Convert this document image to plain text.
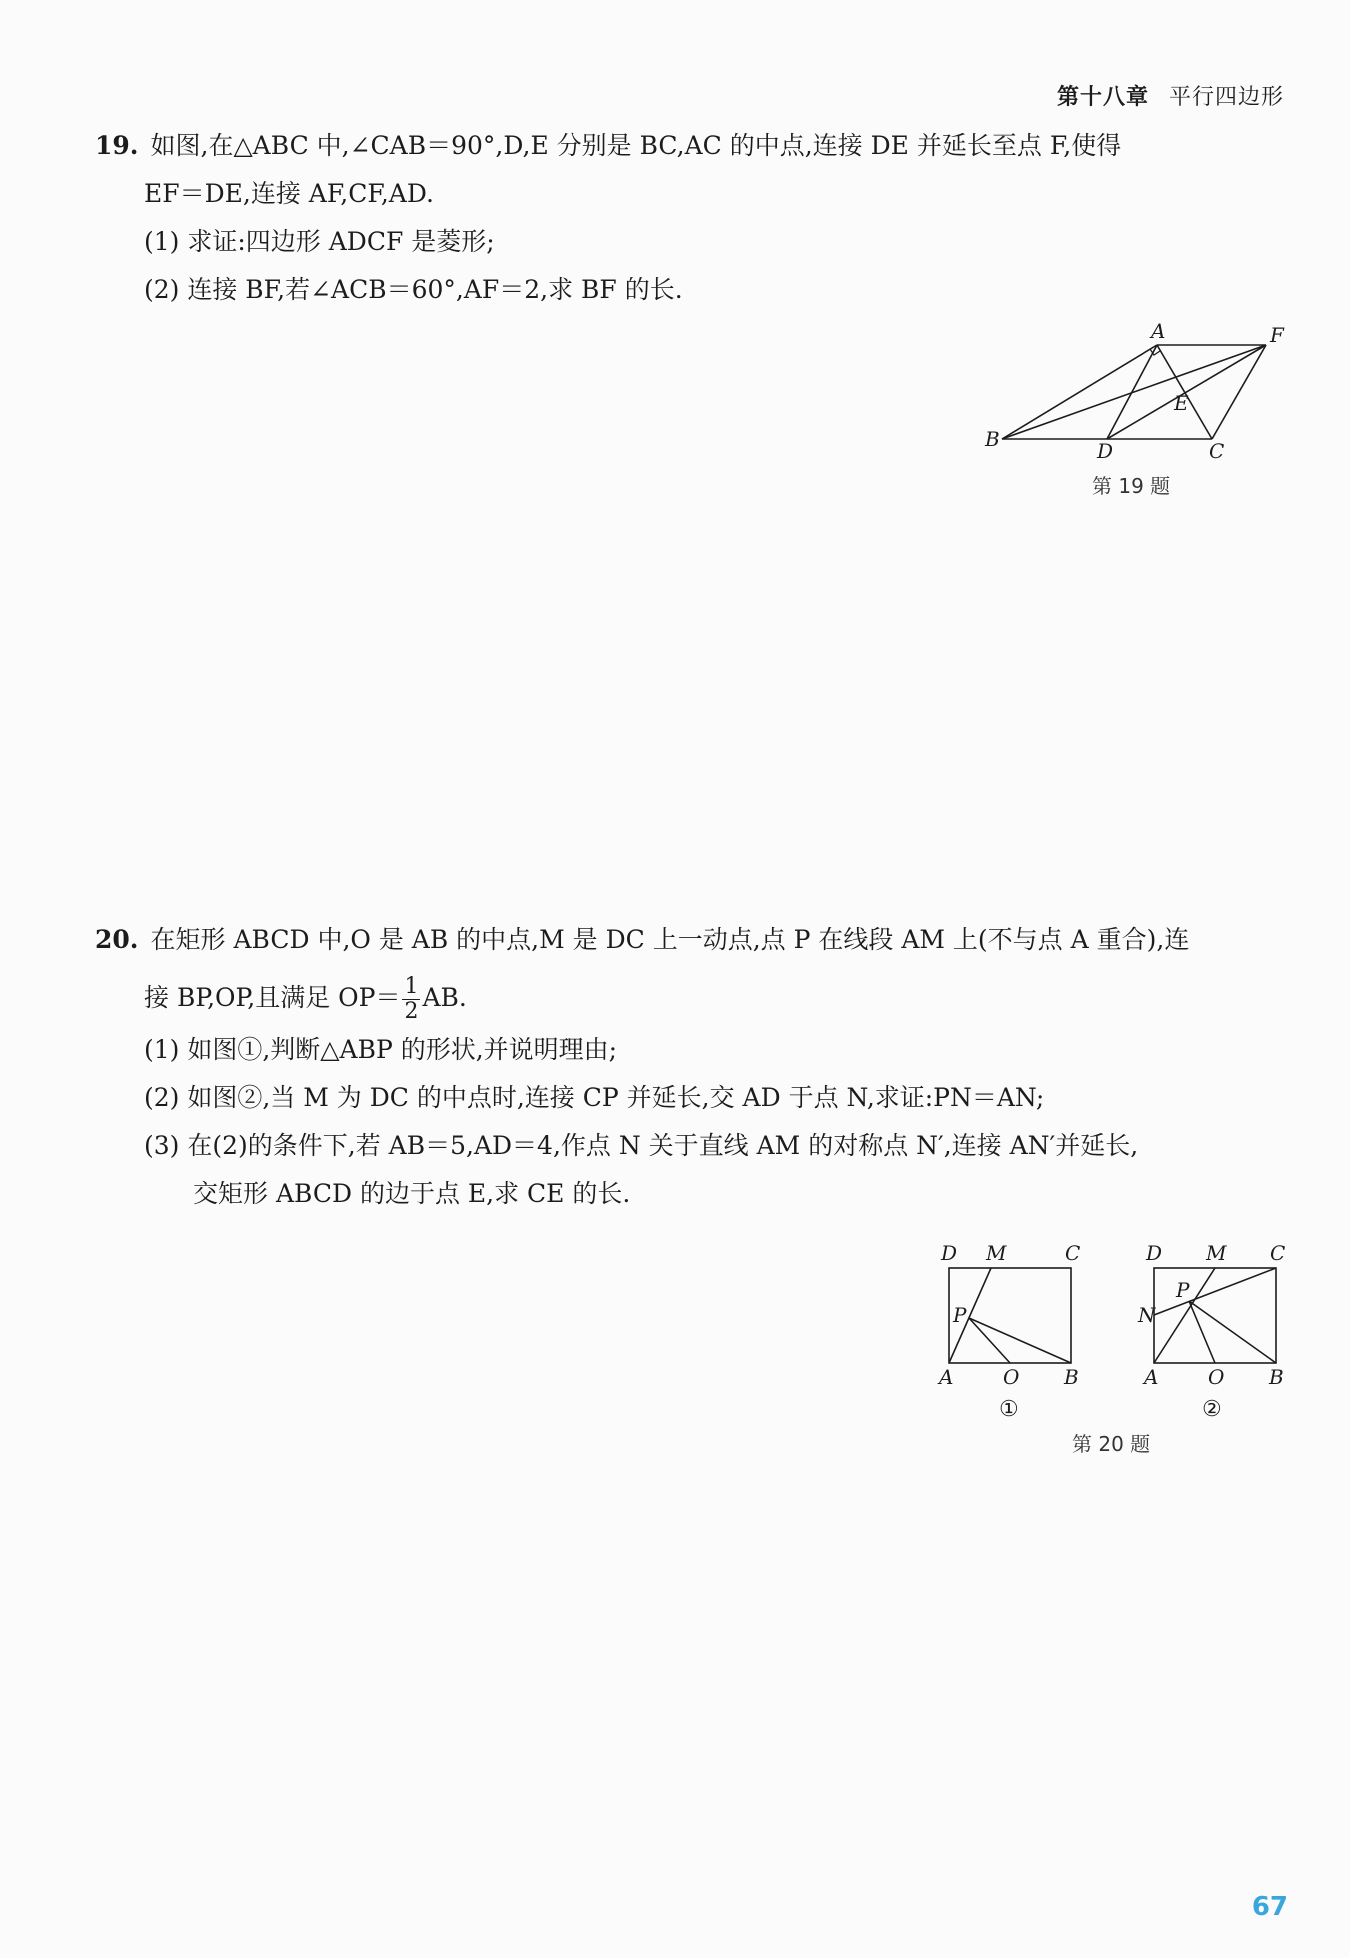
第十八章 平行四边形
19. 如图,在△ABC 中,∠CAB＝90°,D,E 分别是 BC,AC 的中点,连接 DE 并延长至点 F,使得
EF＝DE,连接 AF,CF,AD.
(1) 求证:四边形 ADCF 是菱形;
(2) 连接 BF,若∠ACB＝60°,AF＝2,求 BF 的长.
A
B	C
D
E
F
第 19 题
20. 在矩形 ABCD 中,O 是 AB 的中点,M 是 DC 上一动点,点 P 在线段 AM 上(不与点 A 重合),连
接 BP,OP,且满足 $OP= \frac{1}{2}$ AB.
(1) 如图①,判断△ABP 的形状,并说明理由;
(2) 如图②,当 M 为 DC 的中点时,连接 CP 并延长,交 AD 于点 N,求证:PN＝AN;
(3) 在(2)的条件下,若 AB＝5,AD＝4,作点 N 关于直线 AM 的对称点 N′,连接 AN′并延长,
交矩形 ABCD 的边于点 E,求 CE 的长.
D M	C
P
A O B
①
D M C
P
N
A O B
②
第 20 题
67
